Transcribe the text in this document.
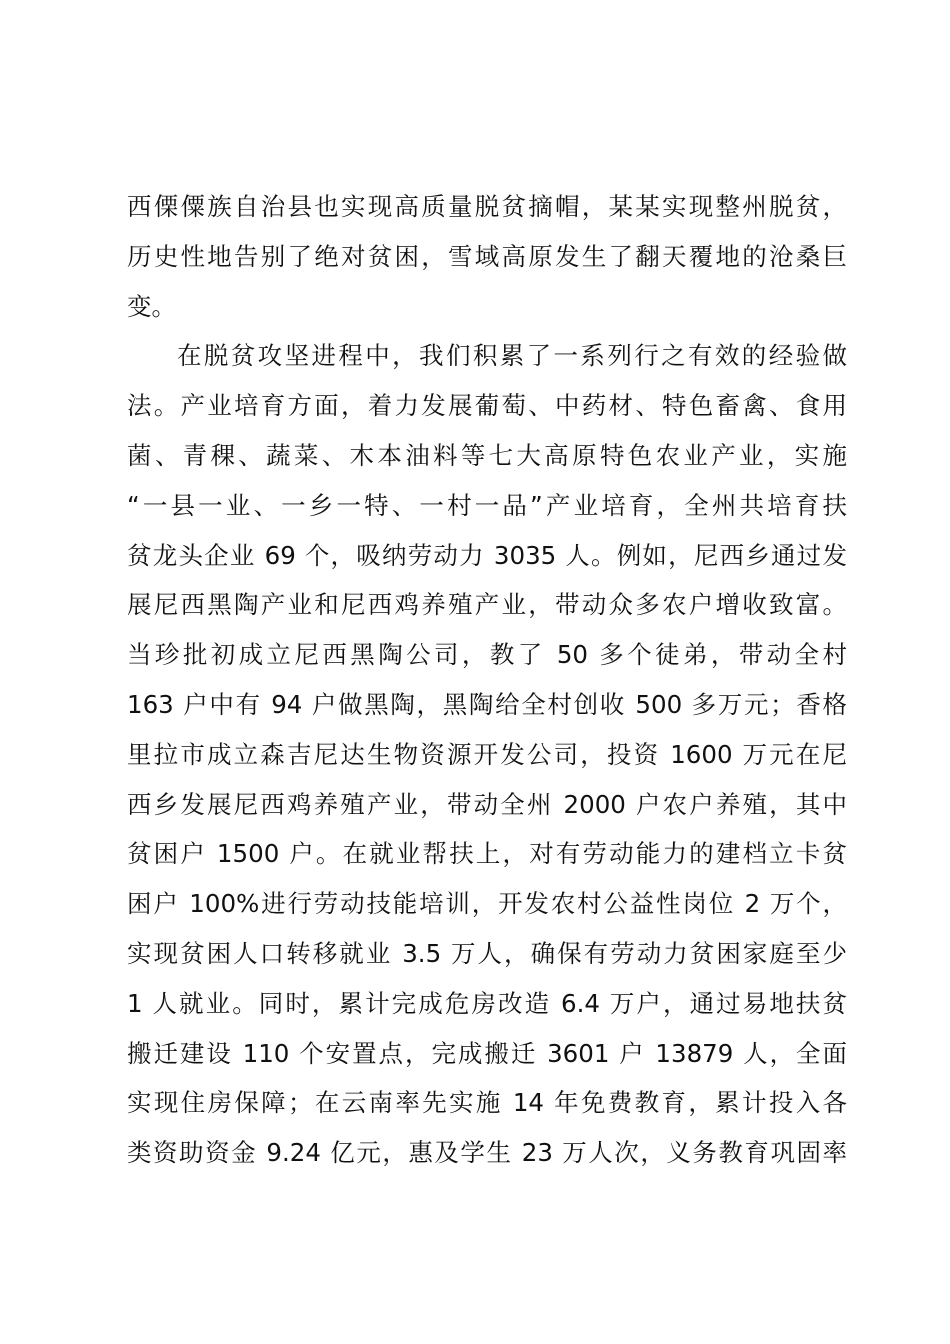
西傈僳族自治县也实现高质量脱贫摘帽，某某实现整州脱贫，
历史性地告别了绝对贫困，雪域高原发生了翻天覆地的沧桑巨
变。
在脱贫攻坚进程中，我们积累了一系列行之有效的经验做
法。产业培育方面，着力发展葡萄、中药材、特色畜禽、食用
菌、青稞、蔬菜、木本油料等七大高原特色农业产业，实施
“一县一业、一乡一特、一村一品”产业培育，全州共培育扶
贫龙头企业 69 个，吸纳劳动力 3035 人。例如，尼西乡通过发
展尼西黑陶产业和尼西鸡养殖产业，带动众多农户增收致富。
当珍批初成立尼西黑陶公司，教了 50 多个徒弟，带动全村
163 户中有 94 户做黑陶，黑陶给全村创收 500 多万元；香格
里拉市成立森吉尼达生物资源开发公司，投资 1600 万元在尼
西乡发展尼西鸡养殖产业，带动全州 2000 户农户养殖，其中
贫困户 1500 户。在就业帮扶上，对有劳动能力的建档立卡贫
困户 100%进行劳动技能培训，开发农村公益性岗位 2 万个，
实现贫困人口转移就业 3.5 万人，确保有劳动力贫困家庭至少
1 人就业。同时，累计完成危房改造 6.4 万户，通过易地扶贫
搬迁建设 110 个安置点，完成搬迁 3601 户 13879 人，全面
实现住房保障；在云南率先实施 14 年免费教育，累计投入各
类资助资金 9.24 亿元，惠及学生 23 万人次，义务教育巩固率
